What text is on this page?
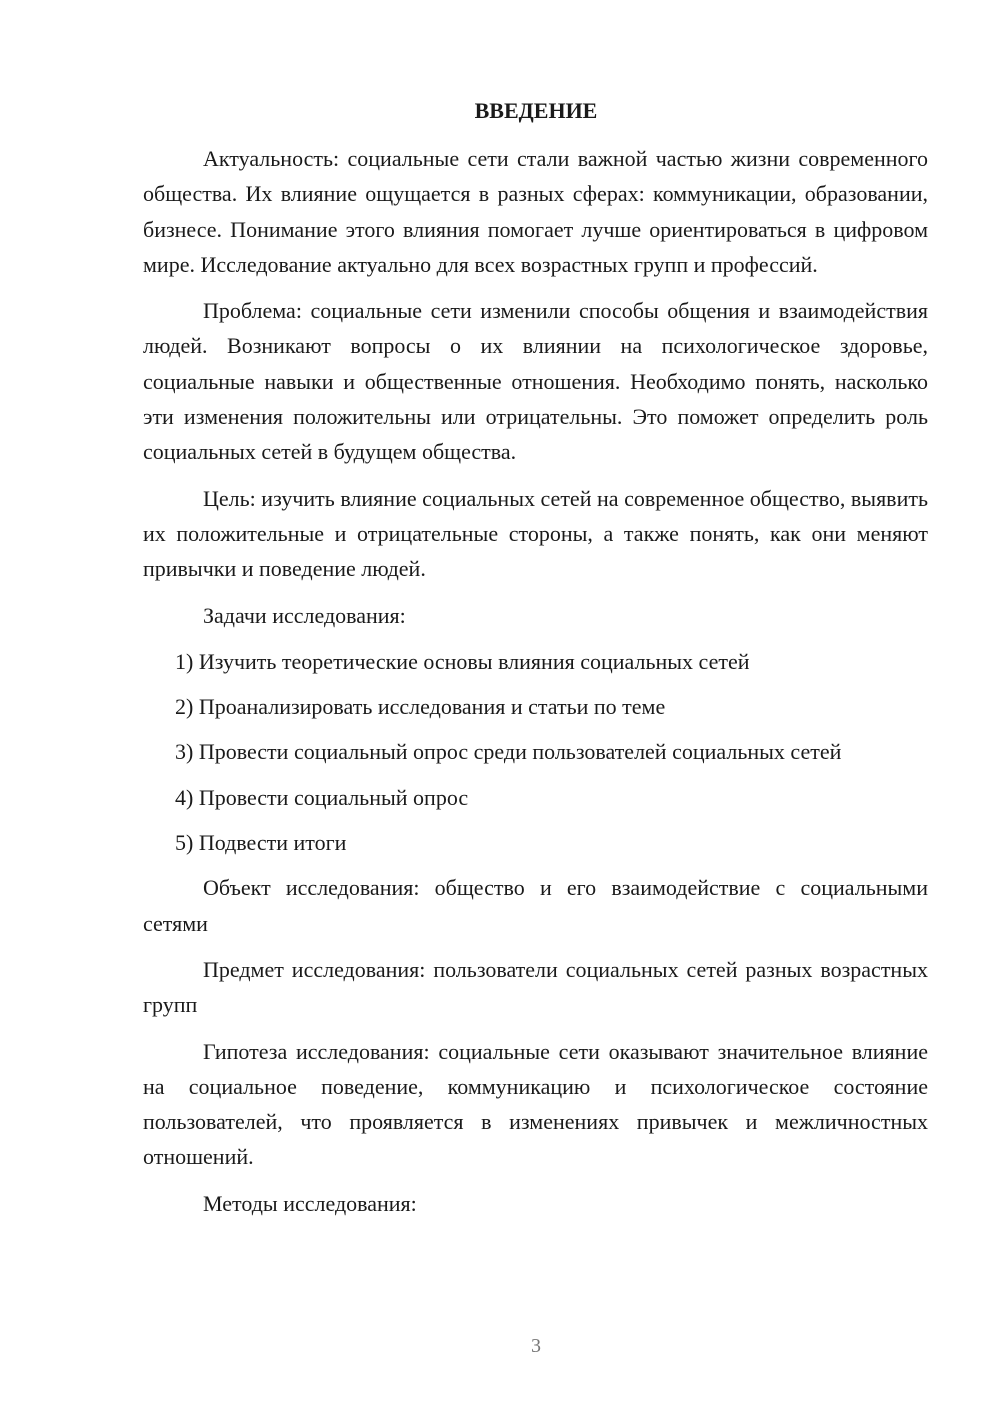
ВВЕДЕНИЕ

Актуальность: социальные сети стали важной частью жизни современного общества. Их влияние ощущается в разных сферах: коммуникации, образовании, бизнесе. Понимание этого влияния помогает лучше ориентироваться в цифровом мире. Исследование актуально для всех возрастных групп и профессий.

Проблема: социальные сети изменили способы общения и взаимодействия людей. Возникают вопросы о их влиянии на психологическое здоровье, социальные навыки и общественные отношения. Необходимо понять, насколько эти изменения положительны или отрицательны. Это поможет определить роль социальных сетей в будущем общества.

Цель: изучить влияние социальных сетей на современное общество, выявить их положительные и отрицательные стороны, а также понять, как они меняют привычки и поведение людей.

Задачи исследования:

1) Изучить теоретические основы влияния социальных сетей
2) Проанализировать исследования и статьи по теме
3) Провести социальный опрос среди пользователей социальных сетей
4) Провести социальный опрос
5) Подвести итоги

Объект исследования: общество и его взаимодействие с социальными сетями

Предмет исследования: пользователи социальных сетей разных возрастных групп

Гипотеза исследования: социальные сети оказывают значительное влияние на социальное поведение, коммуникацию и психологическое состояние пользователей, что проявляется в изменениях привычек и межличностных отношений.

Методы исследования:

3
